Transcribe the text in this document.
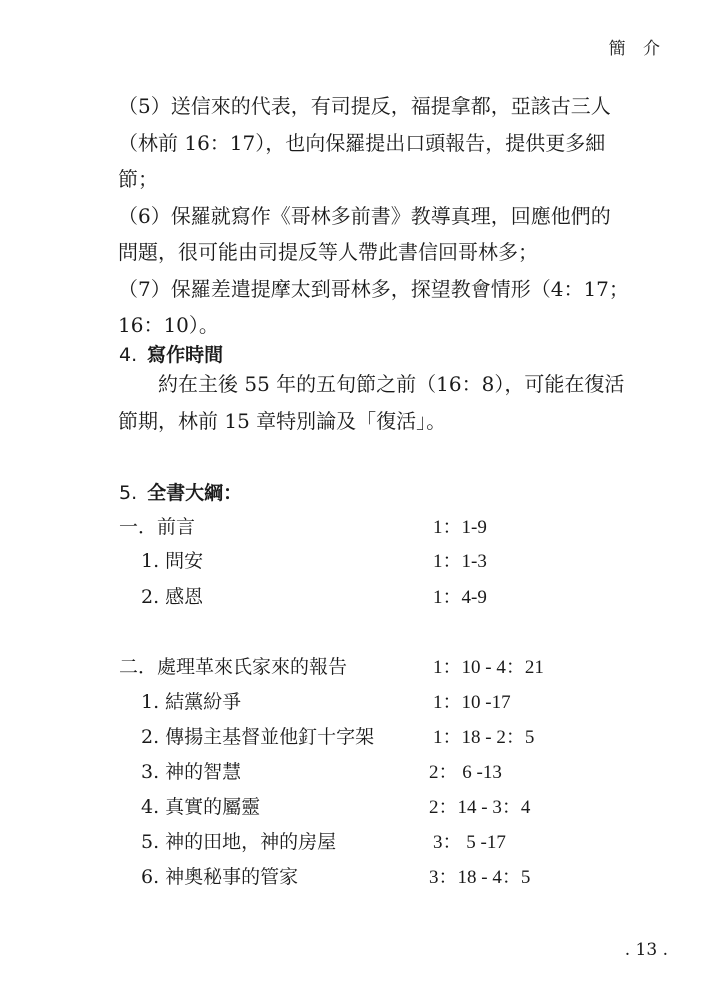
簡 介

（5）送信來的代表，有司提反，福提拿都，亞該古三人

（林前 16：17），也向保羅提出口頭報告，提供更多細節；

（6）保羅就寫作《哥林多前書》教導真理，回應他們的

問題，很可能由司提反等人帶此書信回哥林多；

（7）保羅差遣提摩太到哥林多，探望教會情形（4：17；

16：10）。

4. 寫作時間

約在主後 55 年的五旬節之前（16：8），可能在復活

節期，林前 15 章特別論及「復活」。

5. 全書大綱：
一．前言	1：1-9
1. 問安	1：1-3
2. 感恩	1：4-9
二．處理革來氏家來的報告	1：10 - 4：21
1. 結黨紛爭	1：10 -17
2. 傳揚主基督並他釘十字架	1：18 - 2：5
3. 神的智慧	2： 6 -13
4. 真實的屬靈	2：14 - 3：4
5. 神的田地，神的房屋	3： 5 -17
6. 神奧秘事的管家	3：18 - 4：5
. 13 .
